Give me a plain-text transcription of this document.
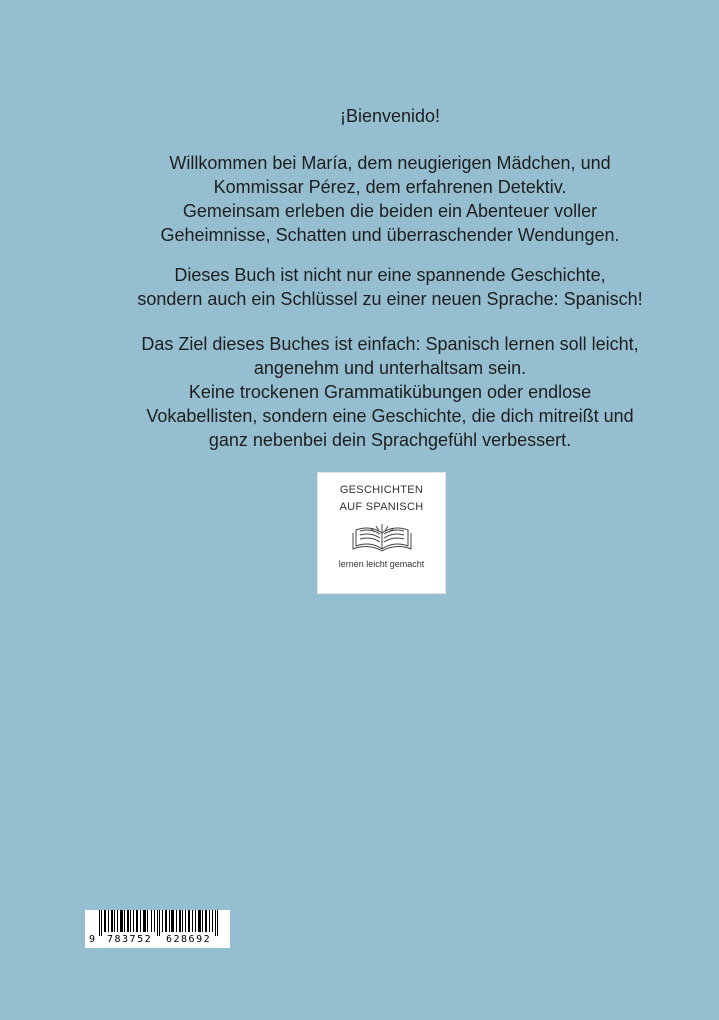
¡Bienvenido!

Willkommen bei María, dem neugierigen Mädchen, und

Kommissar Pérez, dem erfahrenen Detektiv.

Gemeinsam erleben die beiden ein Abenteuer voller

Geheimnisse, Schatten und überraschender Wendungen.

Dieses Buch ist nicht nur eine spannende Geschichte,

sondern auch ein Schlüssel zu einer neuen Sprache: Spanisch!

Das Ziel dieses Buches ist einfach: Spanisch lernen soll leicht,

angenehm und unterhaltsam sein.

Keine trockenen Grammatikübungen oder endlose

Vokabellisten, sondern eine Geschichte, die dich mitreißt und

ganz nebenbei dein Sprachgefühl verbessert.

GESCHICHTEN
AUF SPANISCH
lernen leicht gemacht
9 783752 628692
